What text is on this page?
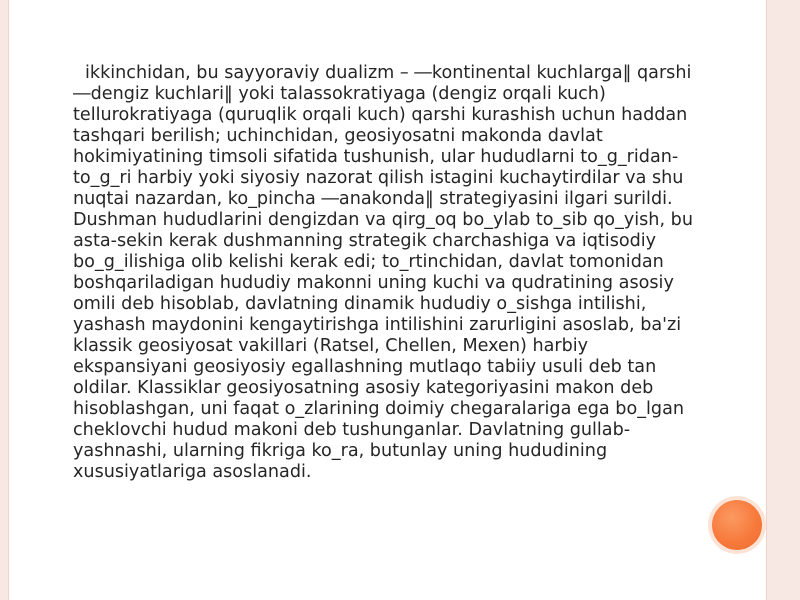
ikkinchidan, bu sayyoraviy dualizm – ―kontinental kuchlarga‖ qarshi ―dengiz kuchlari‖ yoki talassokratiyaga (dengiz orqali kuch) tellurokratiyaga (quruqlik orqali kuch) qarshi kurashish uchun haddan tashqari berilish; uchinchidan, geosiyosatni makonda davlat hokimiyatining timsoli sifatida tushunish, ular hududlarni to_g_ridan-to_g_ri harbiy yoki siyosiy nazorat qilish istagini kuchaytirdilar va shu nuqtai nazardan, ko_pincha ―anakonda‖ strategiyasini ilgari surildi. Dushman hududlarini dengizdan va qirg_oq bo_ylab to_sib qo_yish, bu asta-sekin kerak dushmanning strategik charchashiga va iqtisodiy bo_g_ilishiga olib kelishi kerak edi; to_rtinchidan, davlat tomonidan boshqariladigan hududiy makonni uning kuchi va qudratining asosiy omili deb hisoblab, davlatning dinamik hududiy o_sishga intilishi, yashash maydonini kengaytirishga intilishini zarurligini asoslab, ba'zi klassik geosiyosat vakillari (Ratsel, Chellen, Mexen) harbiy ekspansiyani geosiyosiy egallashning mutlaqo tabiiy usuli deb tan oldilar. Klassiklar geosiyosatning asosiy kategoriyasini makon deb hisoblashgan, uni faqat o_zlarining doimiy chegaralariga ega bo_lgan cheklovchi hudud makoni deb tushunganlar. Davlatning gullab-yashnashi, ularning fikriga ko_ra, butunlay uning hududining xususiyatlariga asoslanadi.
